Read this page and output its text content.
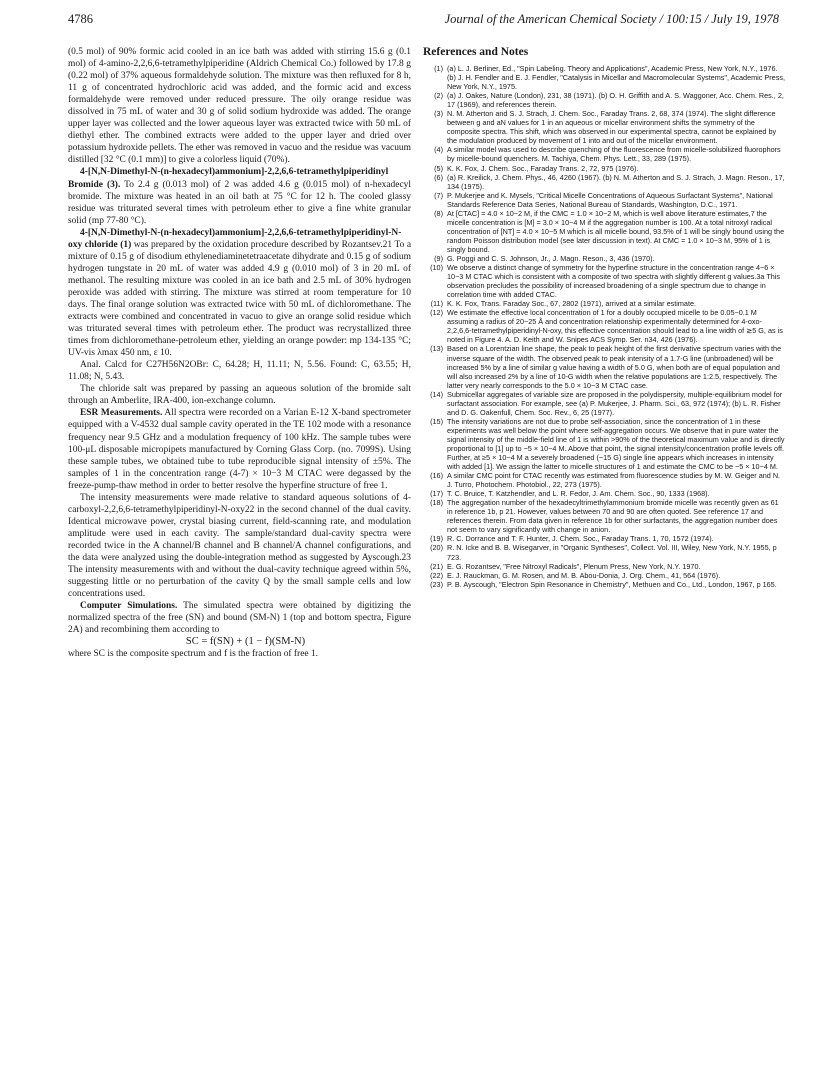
4786	Journal of the American Chemical Society / 100:15 / July 19, 1978

(0.5 mol) of 90% formic acid cooled in an ice bath was added with stirring 15.6 g (0.1 mol) of 4-amino-2,2,6,6-tetramethylpiperidine (Aldrich Chemical Co.) followed by 17.8 g (0.22 mol) of 37% aqueous formaldehyde solution. The mixture was then refluxed for 8 h, 11 g of concentrated hydrochloric acid was added, and the formic acid and excess formaldehyde were removed under reduced pressure. The oily orange residue was dissolved in 75 mL of water and 30 g of solid sodium hydroxide was added. The orange upper layer was collected and the lower aqueous layer was extracted twice with 50 mL of diethyl ether. The combined extracts were added to the upper layer and dried over potassium hydroxide pellets. The ether was removed in vacuo and the residue was vacuum distilled [32 °C (0.1 mm)] to give a colorless liquid (70%).

4-[N,N-Dimethyl-N-(n-hexadecyl)ammonium]-2,2,6,6-tetramethylpiperidinyl Bromide (3). To 2.4 g (0.013 mol) of 2 was added 4.6 g (0.015 mol) of n-hexadecyl bromide. The mixture was heated in an oil bath at 75 °C for 12 h. The cooled glassy residue was triturated several times with petroleum ether to give a fine white granular solid (mp 77-80 °C).

4-[N,N-Dimethyl-N-(n-hexadecyl)ammonium]-2,2,6,6-tetramethylpiperidinyl-N-oxy chloride (1) was prepared by the oxidation procedure described by Rozantsev.21 To a mixture of 0.15 g of disodium ethylenediaminetetraacetate dihydrate and 0.15 g of sodium hydrogen tungstate in 20 mL of water was added 4.9 g (0.010 mol) of 3 in 20 mL of methanol. The resulting mixture was cooled in an ice bath and 2.5 mL of 30% hydrogen peroxide was added with stirring. The mixture was stirred at room temperature for 10 days. The final orange solution was extracted twice with 50 mL of dichloromethane. The extracts were combined and concentrated in vacuo to give an orange solid residue which was triturated several times with petroleum ether. The product was recrystallized three times from dichloromethane-petroleum ether, yielding an orange powder: mp 134-135 °C; UV-vis λmax 450 nm, ε 10.

Anal. Calcd for C27H56N2OBr: C, 64.28; H, 11.11; N, 5.56. Found: C, 63.55; H, 11.08; N, 5.43.

The chloride salt was prepared by passing an aqueous solution of the bromide salt through an Amberlite, IRA-400, ion-exchange column.

ESR Measurements. All spectra were recorded on a Varian E-12 X-band spectrometer equipped with a V-4532 dual sample cavity operated in the TE 102 mode with a resonance frequency near 9.5 GHz and a modulation frequency of 100 kHz. The sample tubes were 100-μL disposable micropipets manufactured by Corning Glass Corp. (no. 7099S). Using these sample tubes, we obtained tube to tube reproducible signal intensity of ±5%. The samples of 1 in the concentration range (4-7) × 10−3 M CTAC were degassed by the freeze-pump-thaw method in order to better resolve the hyperfine structure of free 1.

The intensity measurements were made relative to standard aqueous solutions of 4-carboxyl-2,2,6,6-tetramethylpiperidinyl-N-oxy22 in the second channel of the dual cavity. Identical microwave power, crystal biasing current, field-scanning rate, and modulation amplitude were used in each cavity. The sample/standard dual-cavity spectra were recorded twice in the A channel/B channel and B channel/A channel configurations, and the data were analyzed using the double-integration method as suggested by Ayscough.23 The intensity measurements with and without the dual-cavity technique agreed within 5%, suggesting little or no perturbation of the cavity Q by the small sample cells and low concentrations used.

Computer Simulations. The simulated spectra were obtained by digitizing the normalized spectra of the free (SN) and bound (SM-N) 1 (top and bottom spectra, Figure 2A) and recombining them according to

SC = f(SN) + (1 − f)(SM-N)

where SC is the composite spectrum and f is the fraction of free 1.

References and Notes
(1) (a) L. J. Berliner, Ed., "Spin Labeling. Theory and Applications", Academic Press, New York, N.Y., 1976. (b) J. H. Fendler and E. J. Fendler, "Catalysis in Micellar and Macromolecular Systems", Academic Press, New York, N.Y., 1975.
(2) (a) J. Oakes, Nature (London), 231, 38 (1971). (b) O. H. Griffith and A. S. Waggoner, Acc. Chem. Res., 2, 17 (1969), and references therein.
(3) N. M. Atherton and S. J. Strach, J. Chem. Soc., Faraday Trans. 2, 68, 374 (1974). The slight difference between g and aN values for 1 in an aqueous or micellar environment shifts the symmetry of the composite spectra. This shift, which was observed in our experimental spectra, cannot be explained by the modulation produced by movement of 1 into and out of the micellar environment.
(4) A similar model was used to describe quenching of the fluorescence from micelle-solubilized fluorophors by micelle-bound quenchers. M. Tachiya, Chem. Phys. Lett., 33, 289 (1975).
(5) K. K. Fox, J. Chem. Soc., Faraday Trans. 2, 72, 975 (1976).
(6) (a) R. Kreilick, J. Chem. Phys., 46, 4260 (1967). (b) N. M. Atherton and S. J. Strach, J. Magn. Reson., 17, 134 (1975).
(7) P. Mukerjee and K. Mysels, "Critical Micelle Concentrations of Aqueous Surfactant Systems", National Standards Reference Data Series, National Bureau of Standards, Washington, D.C., 1971.
(8) At [CTAC] = 4.0 × 10−2 M, if the CMC = 1.0 × 10−2 M, which is well above literature estimates,7 the micelle concentration is [M] = 3.0 × 10−4 M if the aggregation number is 100. At a total nitroxyl radical concentration of [NT] = 4.0 × 10−5 M which is all micelle bound, 93.5% of 1 will be singly bound using the random Poisson distribution model (see later discussion in text). At CMC = 1.0 × 10−3 M, 95% of 1 is singly bound.
(9) G. Poggi and C. S. Johnson, Jr., J. Magn. Reson., 3, 436 (1970).
(10) We observe a distinct change of symmetry for the hyperfine structure in the concentration range 4−6 × 10−3 M CTAC which is consistent with a composite of two spectra with slightly different g values.3a This observation precludes the possibility of increased broadening of a single spectrum due to change in correlation time with added CTAC.
(11) K. K. Fox, Trans. Faraday Soc., 67, 2802 (1971), arrived at a similar estimate.
(12) We estimate the effective local concentration of 1 for a doubly occupied micelle to be 0.05−0.1 M assuming a radius of 20−25 Å and concentration relationship experimentally determined for 4-oxo-2,2,6,6-tetramethylpiperidinyl-N-oxy, this effective concentration should lead to a line width of ≳5 G, as is noted in Figure 4. A. D. Keith and W. Snipes ACS Symp. Ser. n34, 426 (1976).
(13) Based on a Lorentzian line shape, the peak to peak height of the first derivative spectrum varies with the inverse square of the width. The observed peak to peak intensity of a 1.7-G line (unbroadened) will be increased 5% by a line of similar g value having a width of 5.0 G, when both are of equal population and will also increased 2% by a line of 10-G width when the relative populations are 1:2.5, respectively. The latter very nearly corresponds to the 5.0 × 10−3 M CTAC case.
(14) Submicellar aggregates of variable size are proposed in the polydispersity, multiple-equilibrium model for surfactant association. For example, see (a) P. Mukerjee, J. Pharm. Sci., 63, 972 (1974); (b) L. R. Fisher and D. G. Oakenfull, Chem. Soc. Rev., 6, 25 (1977).
(15) The intensity variations are not due to probe self-association, since the concentration of 1 in these experiments was well below the point where self-aggregation occurs. We observe that in pure water the signal intensity of the middle-field line of 1 is within >90% of the theoretical maximum value and is directly proportional to [1] up to ~5 × 10−4 M. Above that point, the signal intensity/concentration profile levels off. Further, at ≥5 × 10−4 M a severely broadened (~15 G) single line appears which increases in intensity with added [1]. We assign the latter to micelle structures of 1 and estimate the CMC to be ~5 × 10−4 M.
(16) A similar CMC point for CTAC recently was estimated from fluorescence studies by M. W. Geiger and N. J. Turro, Photochem. Photobiol., 22, 273 (1975).
(17) T. C. Bruice, T. Katzhendler, and L. R. Fedor, J. Am. Chem. Soc., 90, 1333 (1968).
(18) The aggregation number of the hexadecyltrimethylammonium bromide micelle was recently given as 61 in reference 1b, p 21. However, values between 70 and 90 are often quoted. See reference 17 and references therein. From data given in reference 1b for other surfactants, the aggregation number does not seem to vary significantly with change in anion.
(19) R. C. Dorrance and T. F. Hunter, J. Chem. Soc., Faraday Trans. 1, 70, 1572 (1974).
(20) R. N. Icke and B. B. Wisegarver, in "Organic Syntheses", Collect. Vol. III, Wiley, New York, N.Y. 1955, p 723.
(21) E. G. Rozantsev, "Free Nitroxyl Radicals", Plenum Press, New York, N.Y. 1970.
(22) E. J. Rauckman, G. M. Rosen, and M. B. Abou-Donia, J. Org. Chem., 41, 564 (1976).
(23) P. B. Ayscough, "Electron Spin Resonance in Chemistry", Methuen and Co., Ltd., London, 1967, p 165.
